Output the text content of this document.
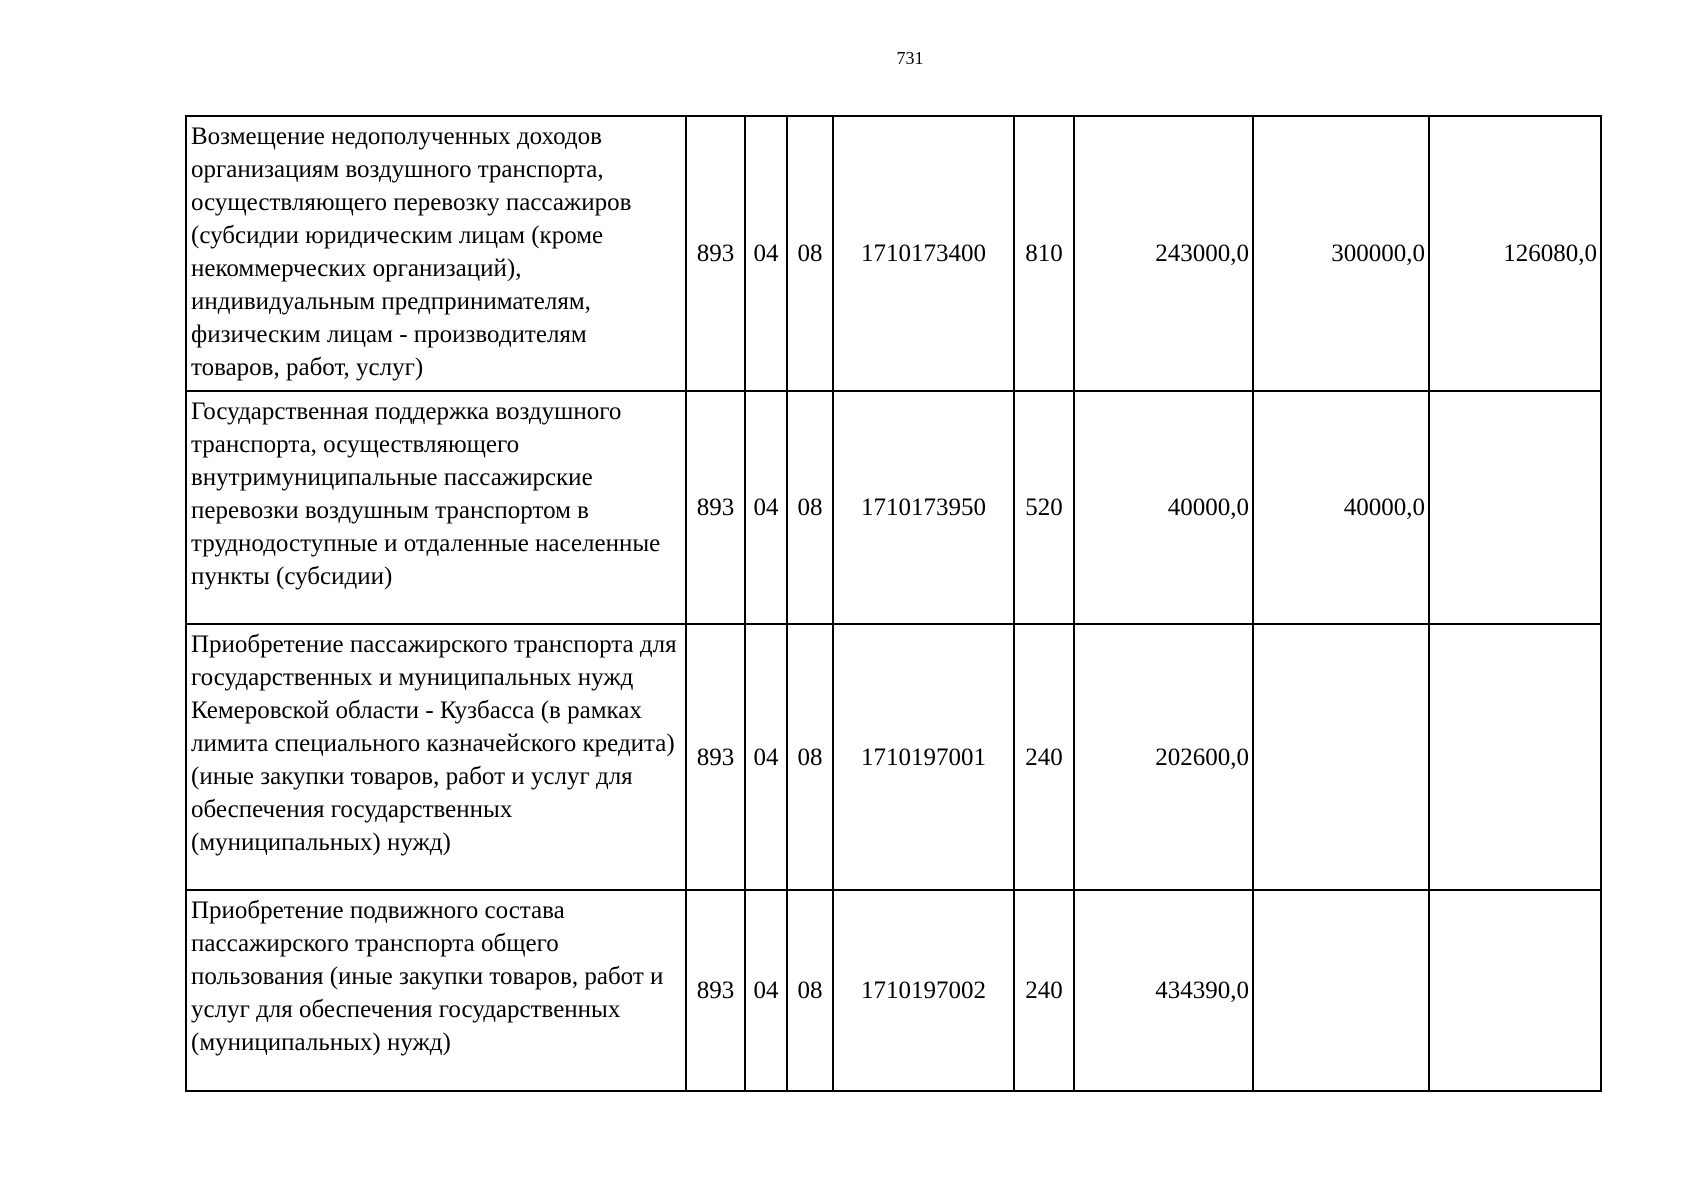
731
Возмещение недополученных доходов организациям воздушного транспорта, осуществляющего перевозку пассажиров (субсидии юридическим лицам (кроме некоммерческих организаций), индивидуальным предпринимателям, физическим лицам - производителям товаров, работ, услуг)	893	04	08	1710173400	810	243000,0	300000,0	126080,0
Государственная поддержка воздушного транспорта, осуществляющего внутримуниципальные пассажирские перевозки воздушным транспортом в труднодоступные и отдаленные населенные пункты (субсидии)	893	04	08	1710173950	520	40000,0	40000,0	
Приобретение пассажирского транспорта для государственных и муниципальных нужд Кемеровской области - Кузбасса (в рамках лимита специального казначейского кредита) (иные закупки товаров, работ и услуг для обеспечения государственных (муниципальных) нужд)	893	04	08	1710197001	240	202600,0		
Приобретение подвижного состава пассажирского транспорта общего пользования (иные закупки товаров, работ и услуг для обеспечения государственных (муниципальных) нужд)	893	04	08	1710197002	240	434390,0		
